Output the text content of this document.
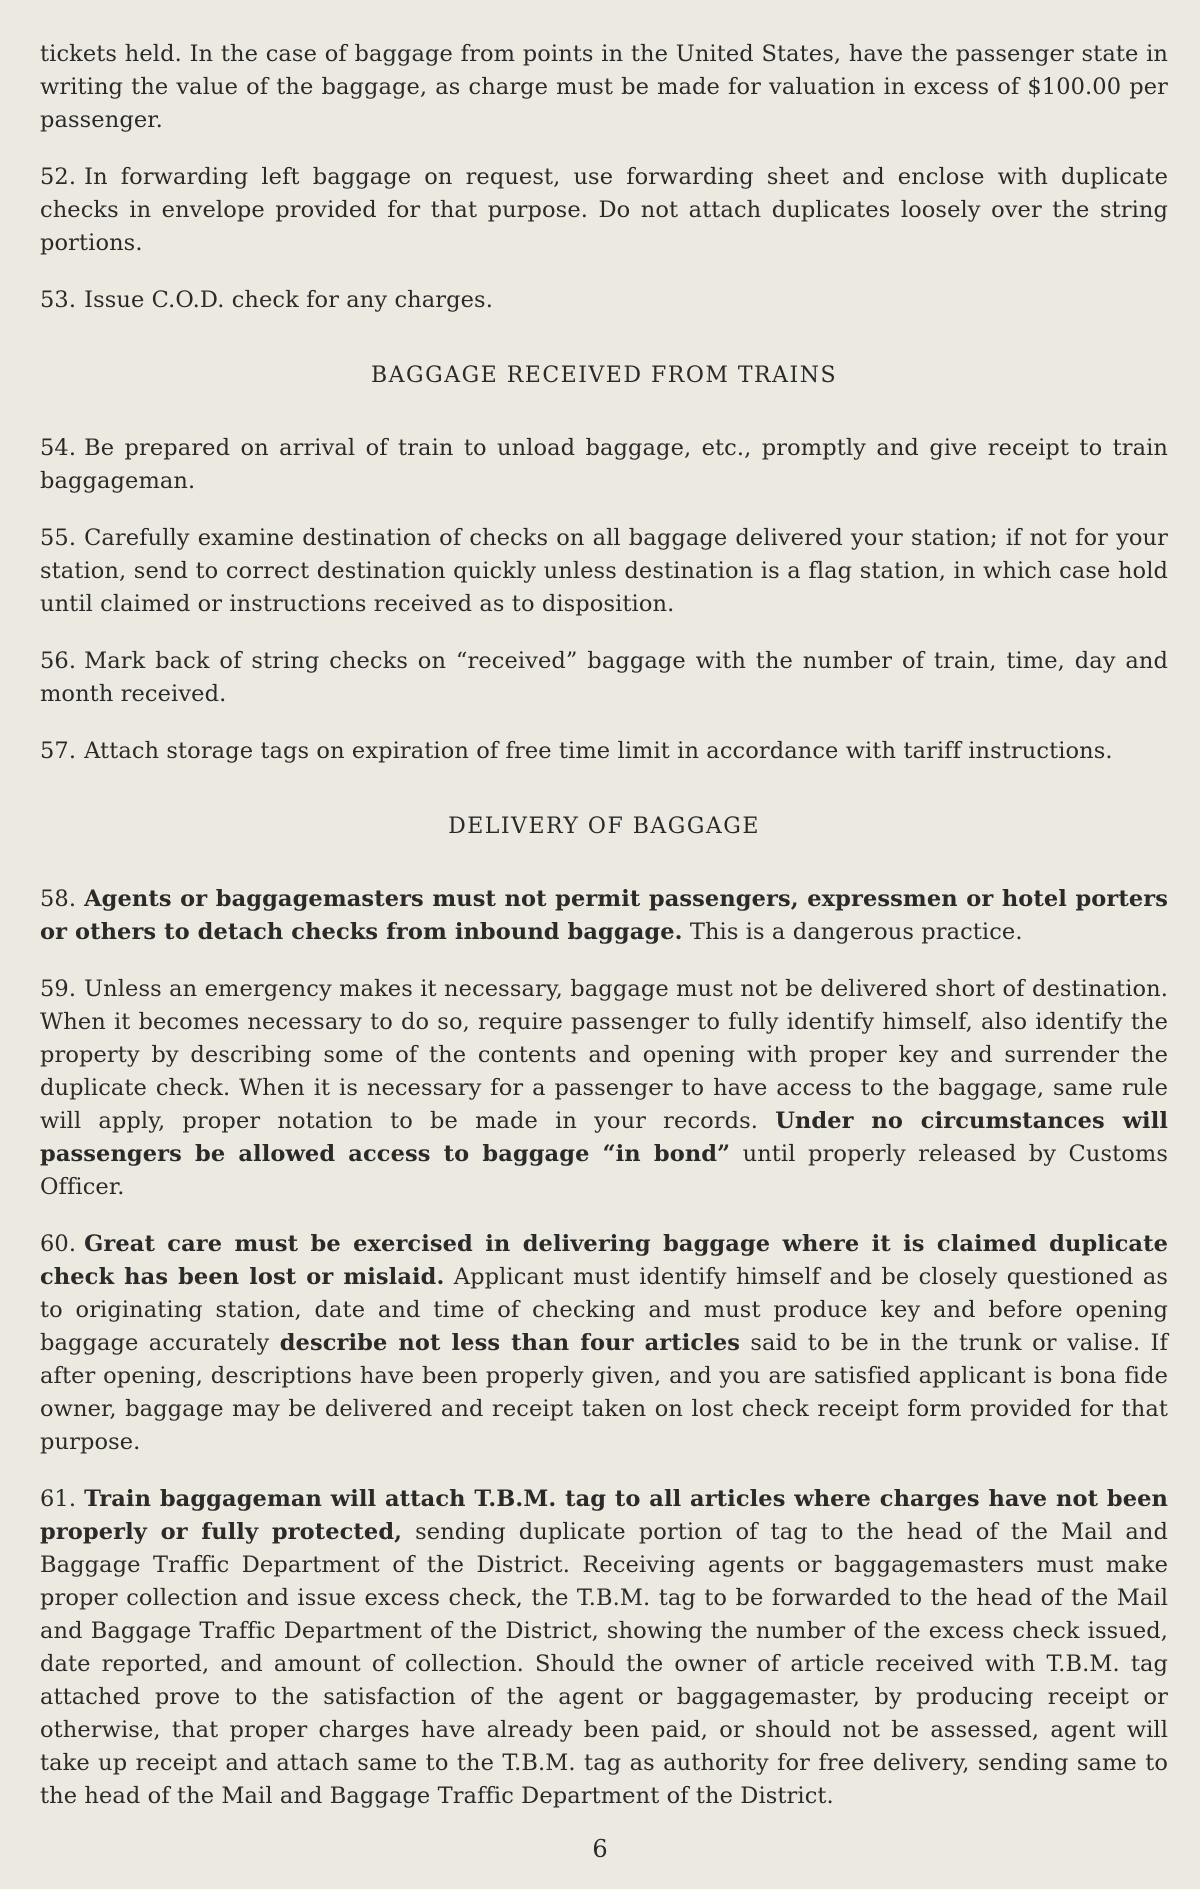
tickets held. In the case of baggage from points in the United States, have the passenger state in writing the value of the baggage, as charge must be made for valuation in excess of $100.00 per passenger.

52. In forwarding left baggage on request, use forwarding sheet and enclose with duplicate checks in envelope provided for that purpose. Do not attach duplicates loosely over the string portions.

53. Issue C.O.D. check for any charges.

BAGGAGE RECEIVED FROM TRAINS

54. Be prepared on arrival of train to unload baggage, etc., promptly and give receipt to train baggageman.

55. Carefully examine destination of checks on all baggage delivered your station; if not for your station, send to correct destination quickly unless destination is a flag station, in which case hold until claimed or instructions received as to disposition.

56. Mark back of string checks on “received” baggage with the number of train, time, day and month received.

57. Attach storage tags on expiration of free time limit in accordance with tariff instructions.

DELIVERY OF BAGGAGE

58. Agents or baggagemasters must not permit passengers, expressmen or hotel porters or others to detach checks from inbound baggage. This is a dangerous practice.

59. Unless an emergency makes it necessary, baggage must not be delivered short of destination. When it becomes necessary to do so, require passenger to fully identify himself, also identify the property by describing some of the contents and opening with proper key and surrender the duplicate check. When it is necessary for a passenger to have access to the baggage, same rule will apply, proper notation to be made in your records. Under no circumstances will passengers be allowed access to baggage “in bond” until properly released by Customs Officer.

60. Great care must be exercised in delivering baggage where it is claimed duplicate check has been lost or mislaid. Applicant must identify himself and be closely questioned as to originating station, date and time of checking and must produce key and before opening baggage accurately describe not less than four articles said to be in the trunk or valise. If after opening, descriptions have been properly given, and you are satisfied applicant is bona fide owner, baggage may be delivered and receipt taken on lost check receipt form provided for that purpose.

61. Train baggageman will attach T.B.M. tag to all articles where charges have not been properly or fully protected, sending duplicate portion of tag to the head of the Mail and Baggage Traffic Department of the District. Receiving agents or baggagemasters must make proper collection and issue excess check, the T.B.M. tag to be forwarded to the head of the Mail and Baggage Traffic Department of the District, showing the number of the excess check issued, date reported, and amount of collection. Should the owner of article received with T.B.M. tag attached prove to the satisfaction of the agent or baggagemaster, by producing receipt or otherwise, that proper charges have already been paid, or should not be assessed, agent will take up receipt and attach same to the T.B.M. tag as authority for free delivery, sending same to the head of the Mail and Baggage Traffic Department of the District.

6
